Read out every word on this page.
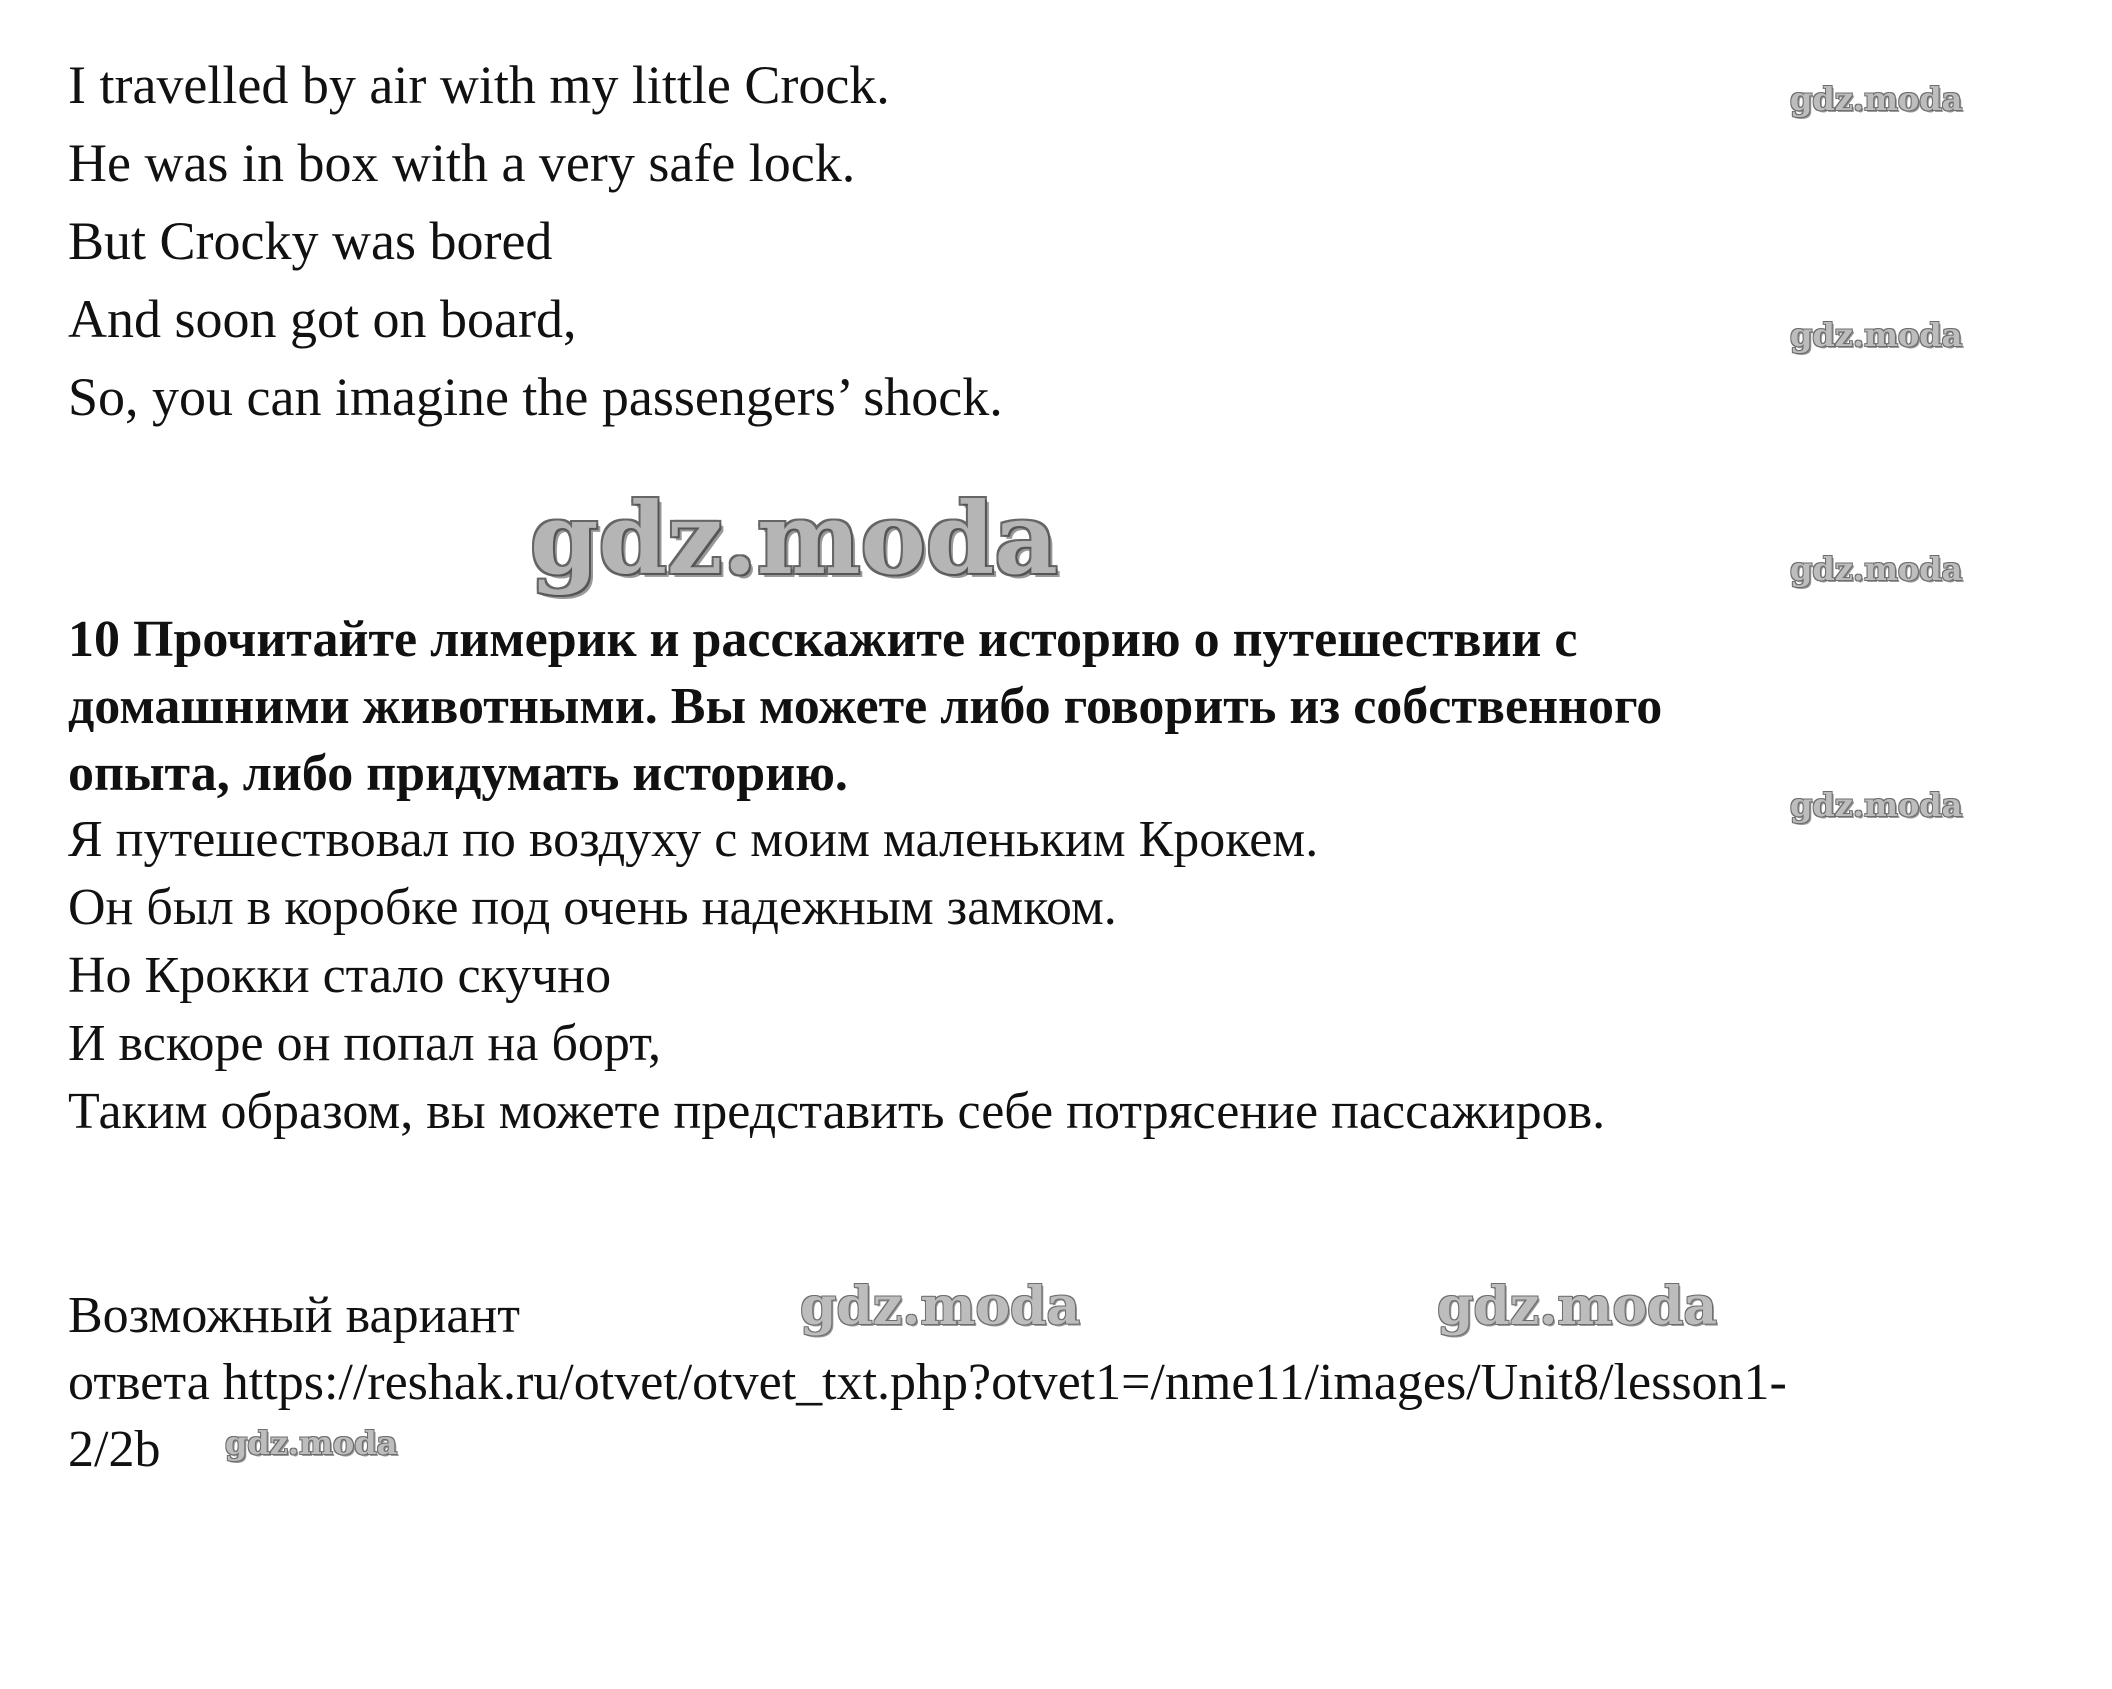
I travelled by air with my little Crock.
He was in box with a very safe lock.
But Crocky was bored
And soon got on board,
So, you can imagine the passengers’ shock.
10 Прочитайте лимерик и расскажите историю о путешествии с
домашними животными. Вы можете либо говорить из собственного
опыта, либо придумать историю.
Я путешествовал по воздуху с моим маленьким Крокем.
Он был в коробке под очень надежным замком.
Но Крокки стало скучно
И вскоре он попал на борт,
Таким образом, вы можете представить себе потрясение пассажиров.
Возможный вариант
ответа https://reshak.ru/otvet/otvet_txt.php?otvet1=/nme11/images/Unit8/lesson1-
2/2b
gdz.moda
gdz.moda
gdz.moda
gdz.moda
gdz.moda
gdz.moda	gdz.moda
gdz.moda
